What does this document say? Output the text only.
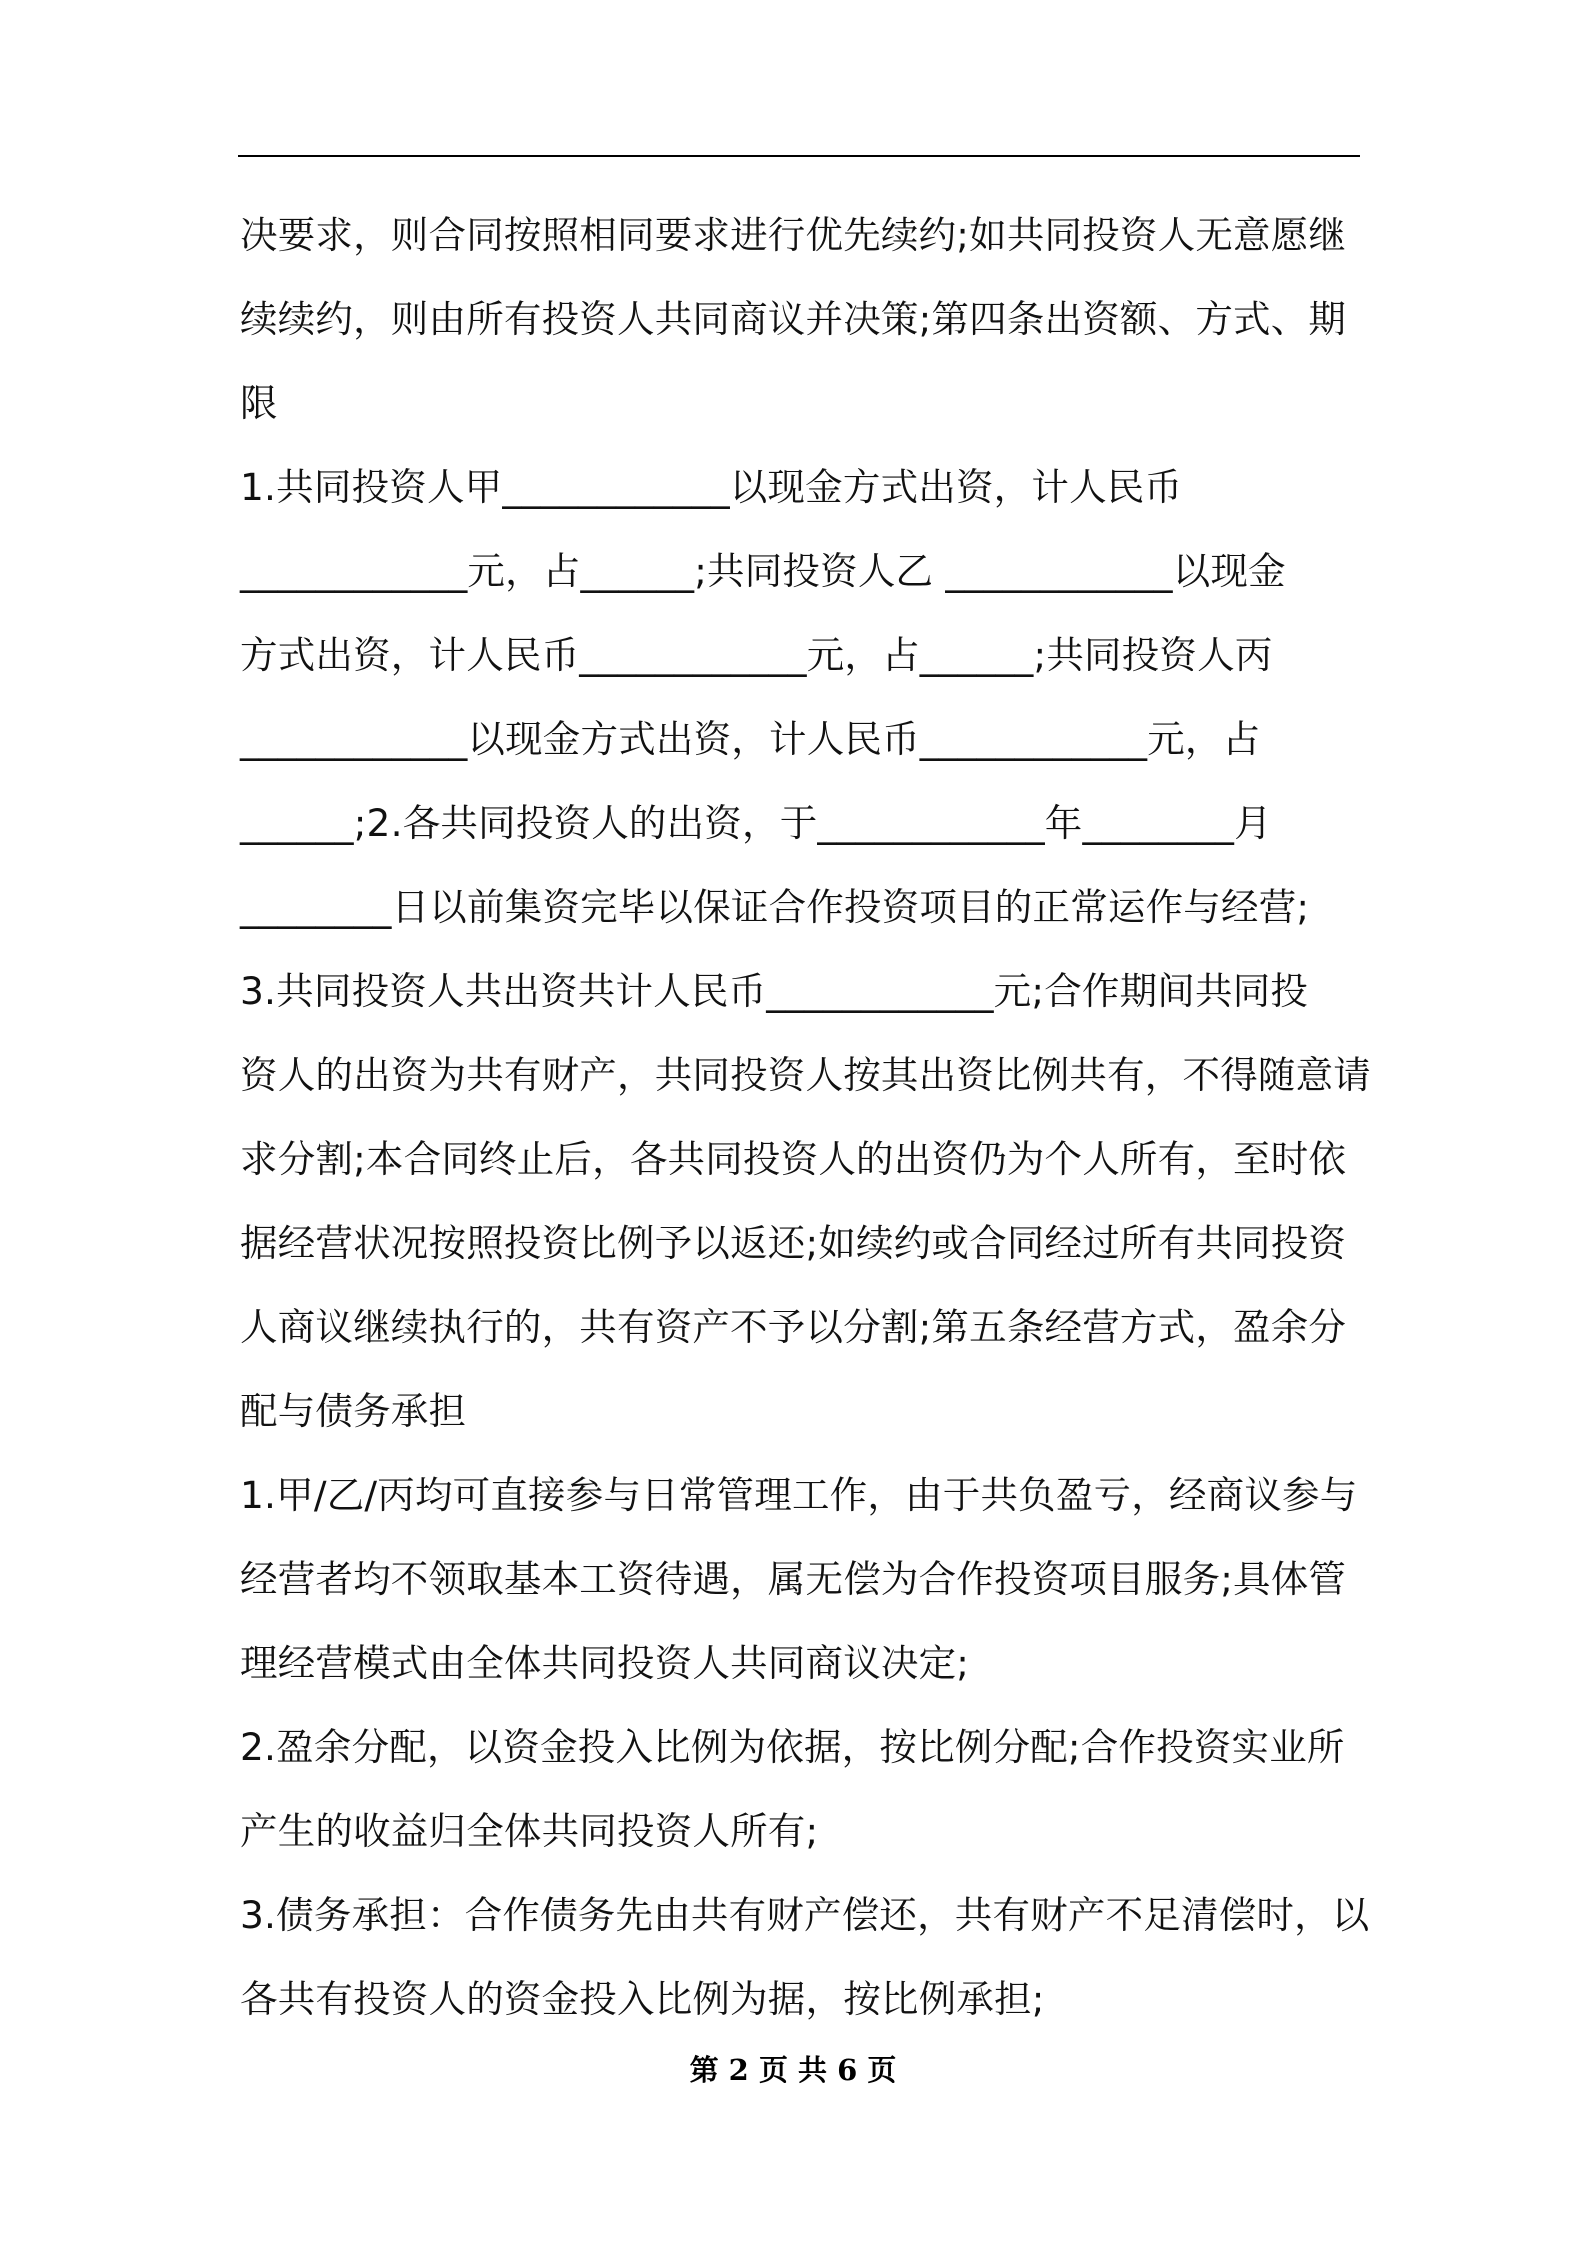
决要求，则合同按照相同要求进行优先续约;如共同投资人无意愿继
续续约，则由所有投资人共同商议并决策;第四条出资额、方式、期
限
1.共同投资人甲____________以现金方式出资，计人民币
____________元，占______;共同投资人乙 ____________以现金
方式出资，计人民币____________元，占______;共同投资人丙
____________以现金方式出资，计人民币____________元，占
______;2.各共同投资人的出资，于____________年________月
________日以前集资完毕以保证合作投资项目的正常运作与经营;
3.共同投资人共出资共计人民币____________元;合作期间共同投
资人的出资为共有财产，共同投资人按其出资比例共有，不得随意请
求分割;本合同终止后，各共同投资人的出资仍为个人所有，至时依
据经营状况按照投资比例予以返还;如续约或合同经过所有共同投资
人商议继续执行的，共有资产不予以分割;第五条经营方式，盈余分
配与债务承担
1.甲/乙/丙均可直接参与日常管理工作，由于共负盈亏，经商议参与
经营者均不领取基本工资待遇，属无偿为合作投资项目服务;具体管
理经营模式由全体共同投资人共同商议决定;
2.盈余分配，以资金投入比例为依据，按比例分配;合作投资实业所
产生的收益归全体共同投资人所有;
3.债务承担：合作债务先由共有财产偿还，共有财产不足清偿时，以
各共有投资人的资金投入比例为据，按比例承担;
第 2 页 共 6 页
